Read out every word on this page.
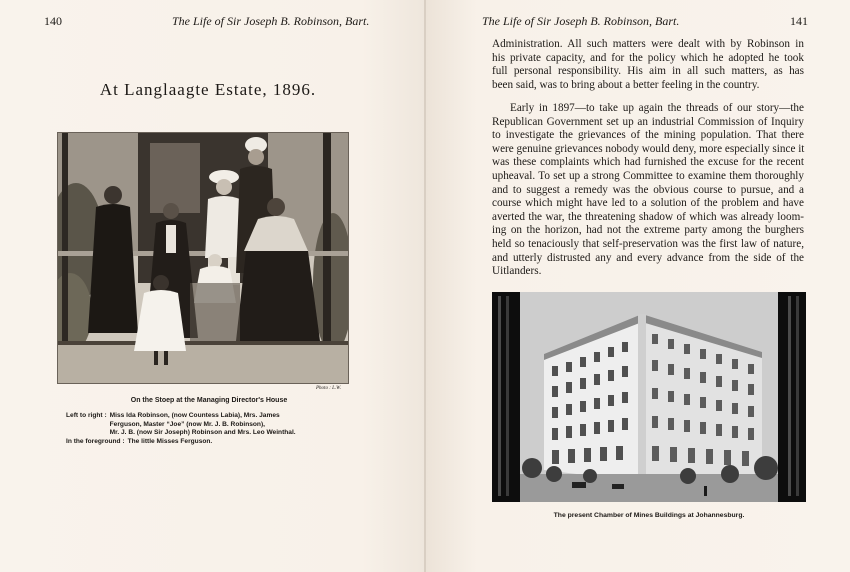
140	The Life of Sir Joseph B. Robinson, Bart.
At Langlaagte Estate, 1896.
Photo : L.W.
On the Stoep at the Managing Director's House
Left to right : Miss Ida Robinson, (now Countess Labia), Mrs. James
Ferguson, Master “Joe” (now Mr. J. B. Robinson),
Mr. J. B. (now Sir Joseph) Robinson and Mrs. Leo Weinthal.
In the foreground : The little Misses Ferguson.
The Life of Sir Joseph B. Robinson, Bart.	141
Administration. All such matters were dealt with by Robinson in
his private capacity, and for the policy which he adopted he took
full personal responsibility. His aim in all such matters, as has
been said, was to bring about a better feeling in the country.
Early in 1897—to take up again the threads of our story—the
Republican Government set up an industrial Commission of Inquiry
to investigate the grievances of the mining population. That there
were genuine grievances nobody would deny, more especially since it
was these complaints which had furnished the excuse for the recent
upheaval. To set up a strong Committee to examine them thoroughly
and to suggest a remedy was the obvious course to pursue, and a
course which might have led to a solution of the problem and have
averted the war, the threatening shadow of which was already loom-
ing on the horizon, had not the extreme party among the burghers
held so tenaciously that self-preservation was the first law of nature,
and utterly distrusted any and every advance from the side of the
Uitlanders.
The present Chamber of Mines Buildings at Johannesburg.
